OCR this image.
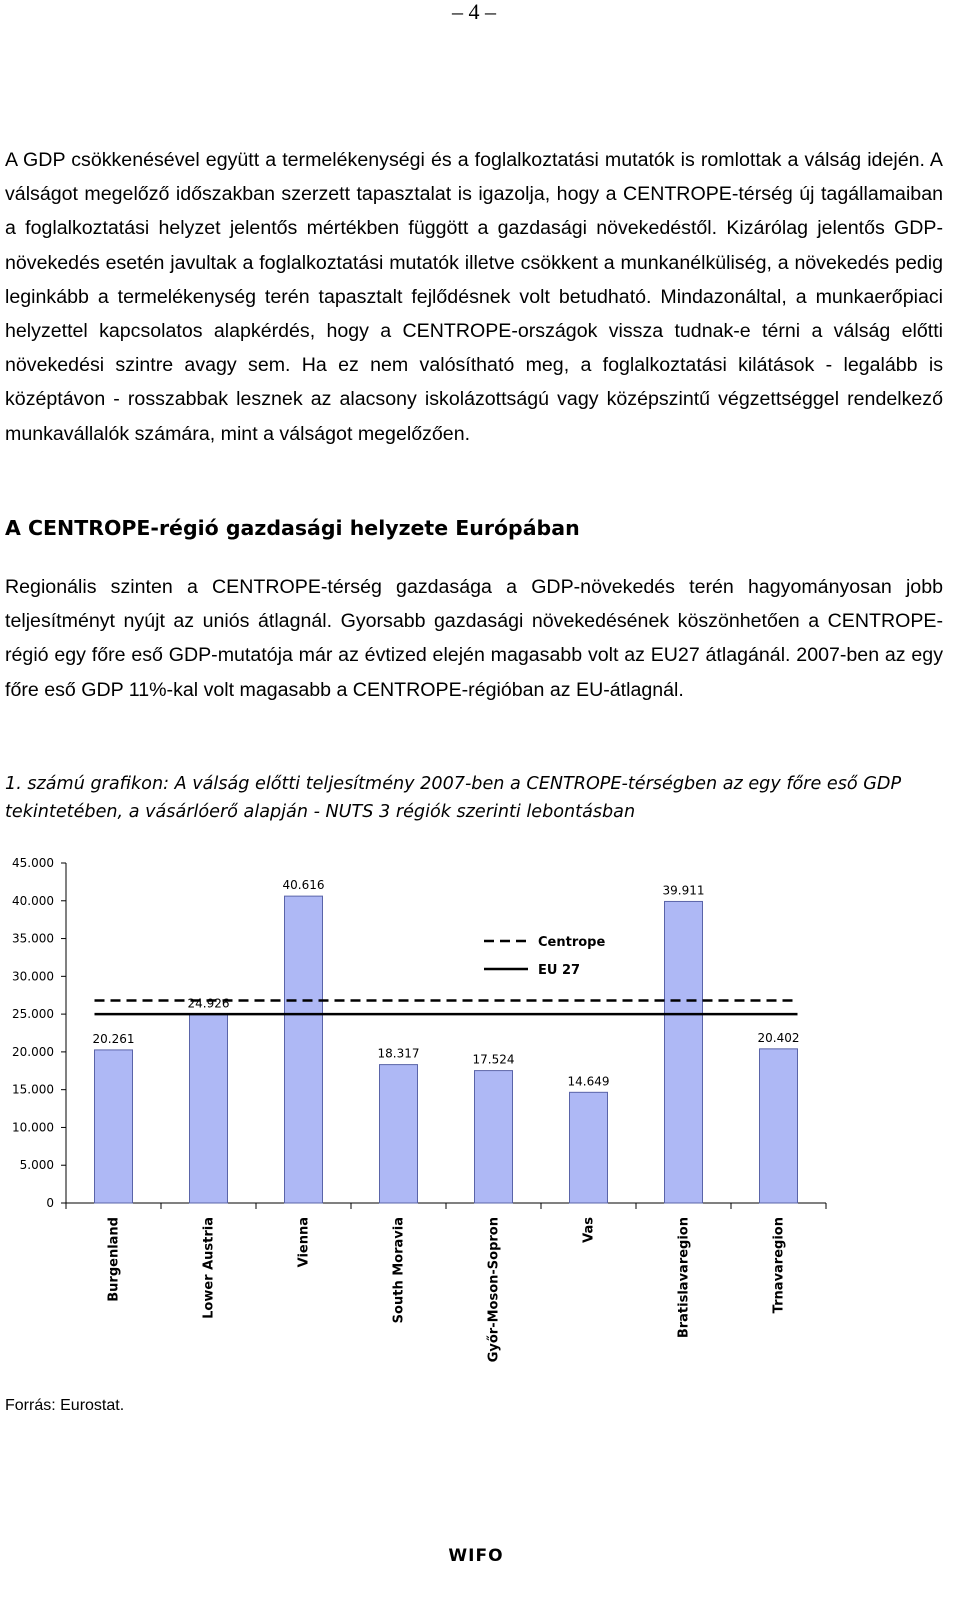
– 4 –

A GDP csökkenésével együtt a termelékenységi és a foglalkoztatási mutatók is romlottak a válság idején. A válságot megelőző időszakban szerzett tapasztalat is igazolja, hogy a CENTROPE-térség új tagállamaiban a foglalkoztatási helyzet jelentős mértékben függött a gazdasági növekedéstől. Kizárólag jelentős GDP-növekedés esetén javultak a foglalkoztatási mutatók illetve csökkent a munkanélküliség, a növekedés pedig leginkább a termelékenység terén tapasztalt fejlődésnek volt betudható. Mindazonáltal, a munkaerőpiaci helyzettel kapcsolatos alapkérdés, hogy a CENTROPE-országok vissza tudnak-e térni a válság előtti növekedési szintre avagy sem. Ha ez nem valósítható meg, a foglalkoztatási kilátások - legalább is középtávon - rosszabbak lesznek az alacsony iskolázottságú vagy középszintű végzettséggel rendelkező munkavállalók számára, mint a válságot megelőzően.

A CENTROPE-régió gazdasági helyzete Európában

Regionális szinten a CENTROPE-térség gazdasága a GDP-növekedés terén hagyományosan jobb teljesítményt nyújt az uniós átlagnál. Gyorsabb gazdasági növekedésének köszönhetően a CENTROPE-régió egy főre eső GDP-mutatója már az évtized elején magasabb volt az EU27 átlagánál. 2007-ben az egy főre eső GDP 11%-kal volt magasabb a CENTROPE-régióban az EU-átlagnál.

1. számú grafikon: A válság előtti teljesítmény 2007-ben a CENTROPE-térségben az egy főre eső GDP tekintetében, a vásárlóerő alapján - NUTS 3 régiók szerinti lebontásban

0
5.000
10.000
15.000
20.000
25.000
30.000
35.000
40.000
45.000
20.261
Burgenland
24.926
Lower Austria
40.616
Vienna
18.317
South Moravia
17.524
Győr-Moson-Sopron
14.649
Vas
39.911
Bratislavaregion
20.402
Trnavaregion
Centrope
EU 27

Forrás: Eurostat.

WIFO
